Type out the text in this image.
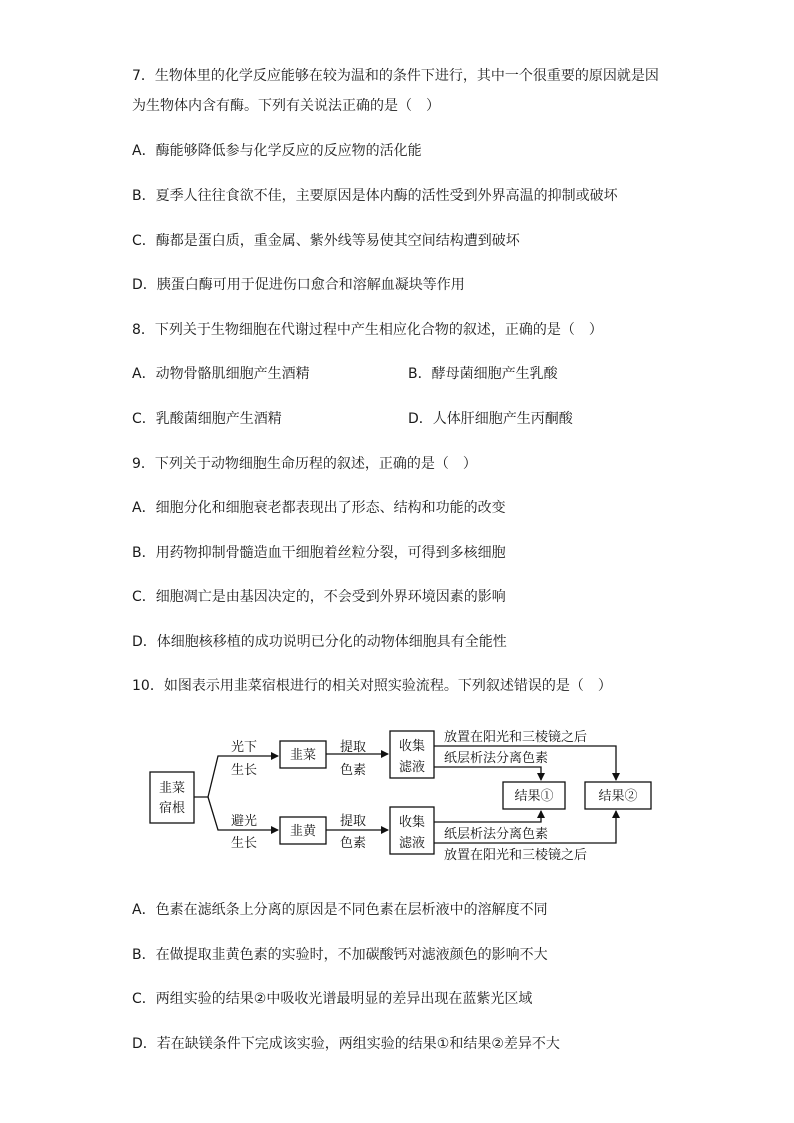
7．生物体里的化学反应能够在较为温和的条件下进行，其中一个很重要的原因就是因
为生物体内含有酶。下列有关说法正确的是（　）
A．酶能够降低参与化学反应的反应物的活化能
B．夏季人往往食欲不佳，主要原因是体内酶的活性受到外界高温的抑制或破坏
C．酶都是蛋白质，重金属、紫外线等易使其空间结构遭到破坏
D．胰蛋白酶可用于促进伤口愈合和溶解血凝块等作用
8．下列关于生物细胞在代谢过程中产生相应化合物的叙述，正确的是（　）
A．动物骨骼肌细胞产生酒精	B．酵母菌细胞产生乳酸
C．乳酸菌细胞产生酒精	D．人体肝细胞产生丙酮酸
9．下列关于动物细胞生命历程的叙述，正确的是（　）
A．细胞分化和细胞衰老都表现出了形态、结构和功能的改变
B．用药物抑制骨髓造血干细胞着丝粒分裂，可得到多核细胞
C．细胞凋亡是由基因决定的，不会受到外界环境因素的影响
D．体细胞核移植的成功说明已分化的动物体细胞具有全能性
10．如图表示用韭菜宿根进行的相关对照实验流程。下列叙述错误的是（　）
韭菜
宿根
光下
生长
避光
生长
韭菜
韭黄
提取
色素
提取
色素
收集
滤液
收集
滤液
放置在阳光和三棱镜之后
纸层析法分离色素
纸层析法分离色素
放置在阳光和三棱镜之后
结果①	结果②
A．色素在滤纸条上分离的原因是不同色素在层析液中的溶解度不同
B．在做提取韭黄色素的实验时，不加碳酸钙对滤液颜色的影响不大
C．两组实验的结果②中吸收光谱最明显的差异出现在蓝紫光区域
D．若在缺镁条件下完成该实验，两组实验的结果①和结果②差异不大
